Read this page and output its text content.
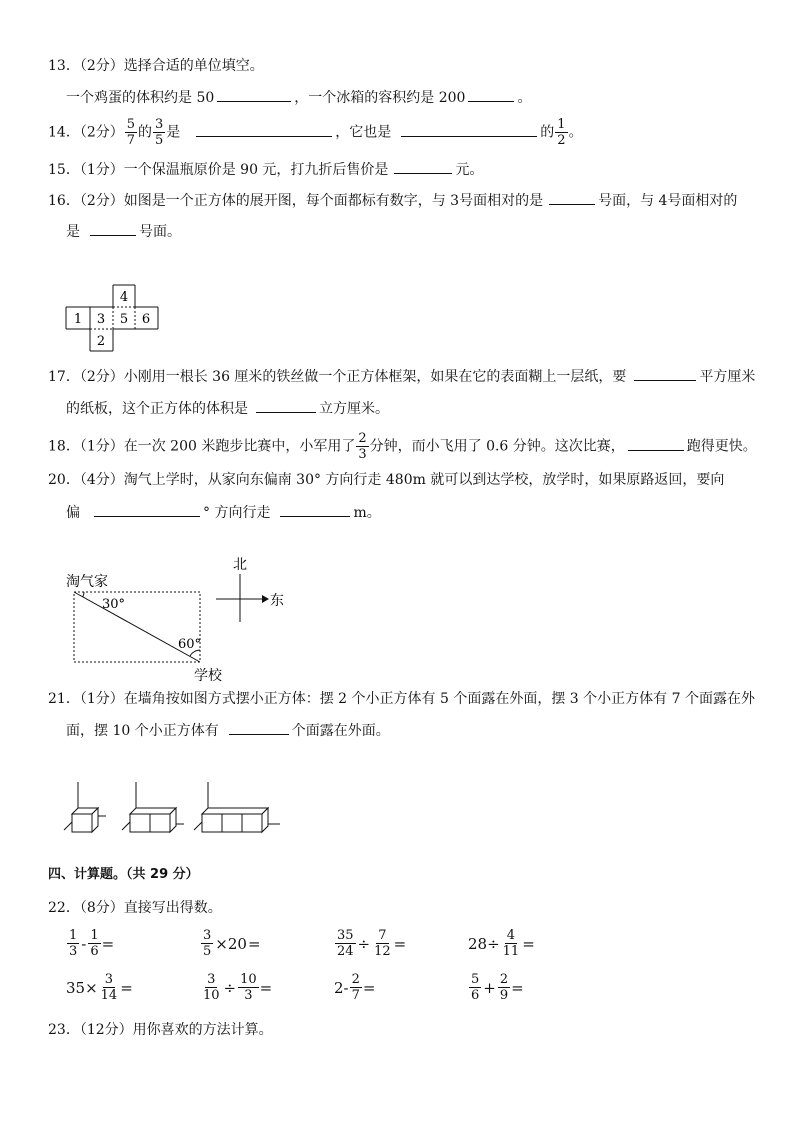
13．（2分）选择合适的单位填空。
一个鸡蛋的体积约是 50	，一个冰箱的容积约是 200	。
14．（2分） $\frac{5}{7}$ 的 $\frac{3}{5}$ 是	，它也是	的 $\frac{1}{2}$ 。
15．（1分）一个保温瓶原价是 90 元，打九折后售价是	元。
16．（2分）如图是一个正方体的展开图，每个面都标有数字，与 3号面相对的是	号面，与 4号面相对的
是	号面。
4
1 3 5 6
2
17．（2分）小刚用一根长 36 厘米的铁丝做一个正方体框架，如果在它的表面糊上一层纸，要	平方厘米
的纸板，这个正方体的体积是	立方厘米。
18．（1分）在一次 200 米跑步比赛中，小军用了 $\frac{2}{3}$ 分钟，而小飞用了 0.6 分钟。这次比赛，	跑得更快。
20．（4分）淘气上学时，从家向东偏南 30° 方向行走 480m 就可以到达学校，放学时，如果原路返回，要向
偏	° 方向行走	m。
淘气家
30°
60°
学校
北
东
21．（1分）在墙角按如图方式摆小正方体：摆 2 个小正方体有 5 个面露在外面，摆 3 个小正方体有 7 个面露在外
面，摆 10 个小正方体有	个面露在外面。
四、计算题。（共 29 分）
22．（8分）直接写出得数。
$\frac{1}{3} - \frac{1}{6}$ =	$\frac{3}{5} \times 20$ =	$\frac{35}{24} \div \frac{7}{12}$ =	$28\div \frac{4}{11}$ =
$35\times \frac{3}{14}$ =	$\frac{3}{10} \div \frac{10}{3}$ =	$2- \frac{2}{7}$ =	$\frac{5}{6} + \frac{2}{9}$ =
23．（12分）用你喜欢的方法计算。
